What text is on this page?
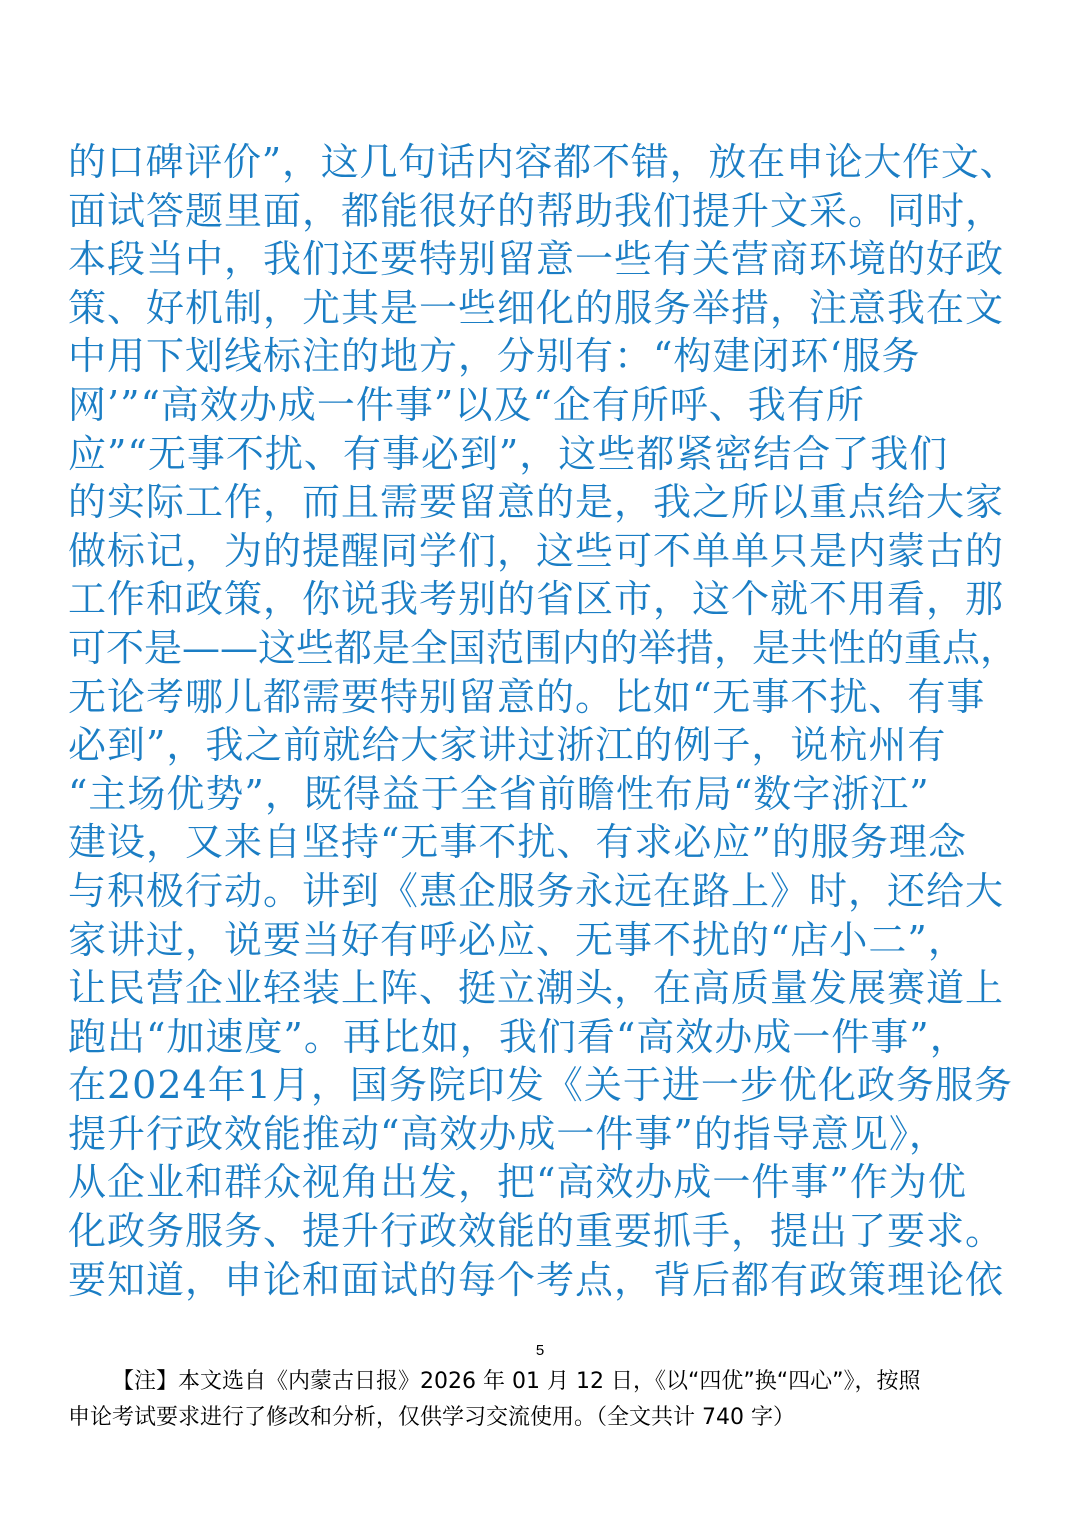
的口碑评价”，这几句话内容都不错，放在申论大作文、
面试答题里面，都能很好的帮助我们提升文采。同时，
本段当中，我们还要特别留意一些有关营商环境的好政
策、好机制，尤其是一些细化的服务举措，注意我在文
中用下划线标注的地方，分别有：“构建闭环‘服务
网’”“高效办成一件事”以及“企有所呼、我有所
应”“无事不扰、有事必到”，这些都紧密结合了我们
的实际工作，而且需要留意的是，我之所以重点给大家
做标记，为的提醒同学们，这些可不单单只是内蒙古的
工作和政策，你说我考别的省区市，这个就不用看，那
可不是——这些都是全国范围内的举措，是共性的重点，
无论考哪儿都需要特别留意的。比如“无事不扰、有事
必到”，我之前就给大家讲过浙江的例子，说杭州有
“主场优势”，既得益于全省前瞻性布局“数字浙江”
建设，又来自坚持“无事不扰、有求必应”的服务理念
与积极行动。讲到《惠企服务永远在路上》时，还给大
家讲过，说要当好有呼必应、无事不扰的“店小二”，
让民营企业轻装上阵、挺立潮头，在高质量发展赛道上
跑出“加速度”。再比如，我们看“高效办成一件事”，
在2024年1月，国务院印发《关于进一步优化政务服务
提升行政效能推动“高效办成一件事”的指导意见》，
从企业和群众视角出发，把“高效办成一件事”作为优
化政务服务、提升行政效能的重要抓手，提出了要求。
要知道，申论和面试的每个考点，背后都有政策理论依
5
【注】本文选自《内蒙古日报》2026 年 01 月 12 日，《以“四优”换“四心”》，按照
申论考试要求进行了修改和分析，仅供学习交流使用。（全文共计 740 字）
